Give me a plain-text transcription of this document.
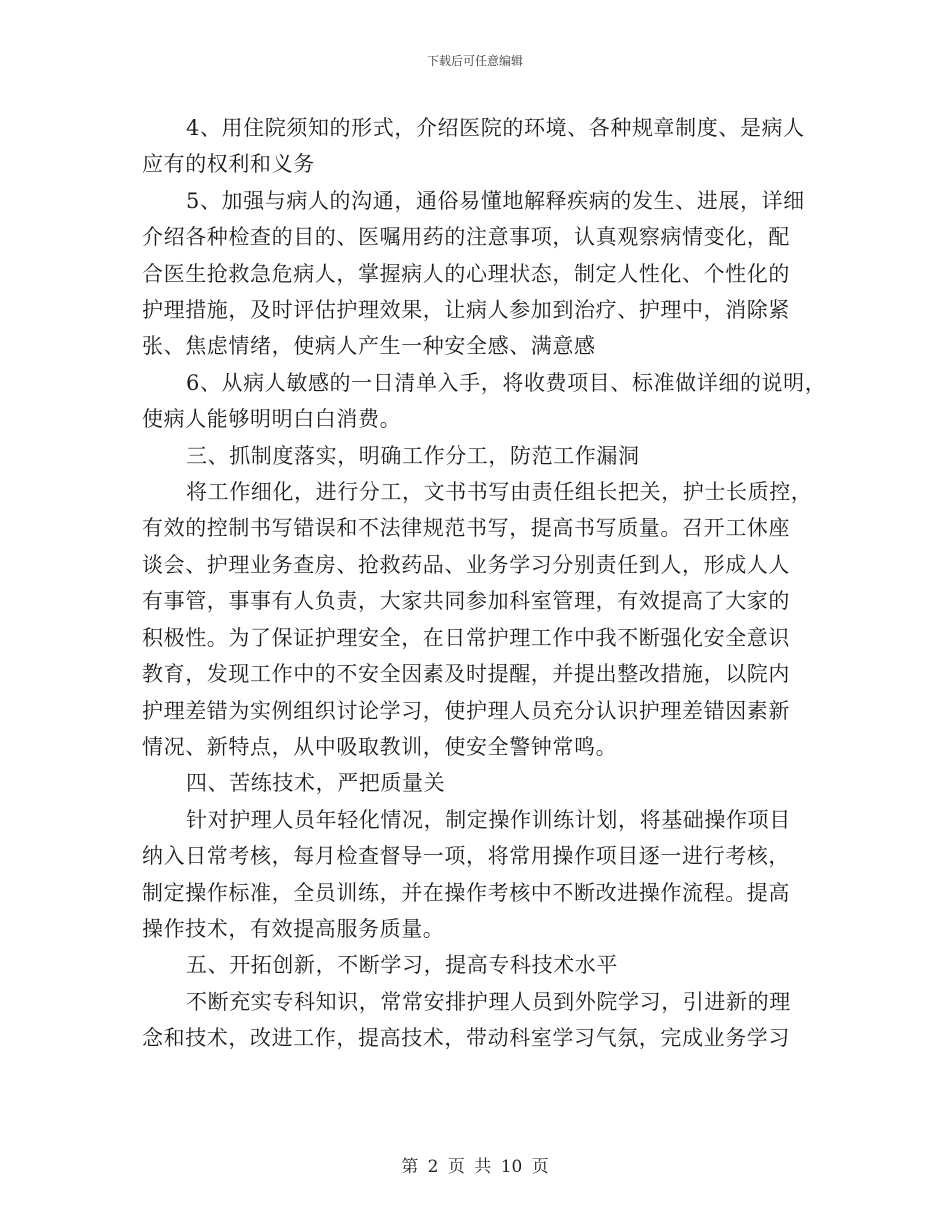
下载后可任意编辑

4、用住院须知的形式，介绍医院的环境、各种规章制度、是病人
应有的权利和义务

5、加强与病人的沟通，通俗易懂地解释疾病的发生、进展，详细
介绍各种检查的目的、医嘱用药的注意事项，认真观察病情变化，配
合医生抢救急危病人，掌握病人的心理状态，制定人性化、个性化的
护理措施，及时评估护理效果，让病人参加到治疗、护理中，消除紧
张、焦虑情绪，使病人产生一种安全感、满意感

6、从病人敏感的一日清单入手，将收费项目、标准做详细的说明，
使病人能够明明白白消费。

三、抓制度落实，明确工作分工，防范工作漏洞

将工作细化，进行分工，文书书写由责任组长把关，护士长质控，
有效的控制书写错误和不法律规范书写，提高书写质量。召开工休座
谈会、护理业务查房、抢救药品、业务学习分别责任到人，形成人人
有事管，事事有人负责，大家共同参加科室管理，有效提高了大家的
积极性。为了保证护理安全，在日常护理工作中我不断强化安全意识
教育，发现工作中的不安全因素及时提醒，并提出整改措施，以院内
护理差错为实例组织讨论学习，使护理人员充分认识护理差错因素新
情况、新特点，从中吸取教训，使安全警钟常鸣。

四、苦练技术，严把质量关

针对护理人员年轻化情况，制定操作训练计划，将基础操作项目
纳入日常考核，每月检查督导一项，将常用操作项目逐一进行考核，
制定操作标准，全员训练，并在操作考核中不断改进操作流程。提高
操作技术，有效提高服务质量。

五、开拓创新，不断学习，提高专科技术水平

不断充实专科知识，常常安排护理人员到外院学习，引进新的理
念和技术，改进工作，提高技术，带动科室学习气氛，完成业务学习

第 2 页 共 10 页
